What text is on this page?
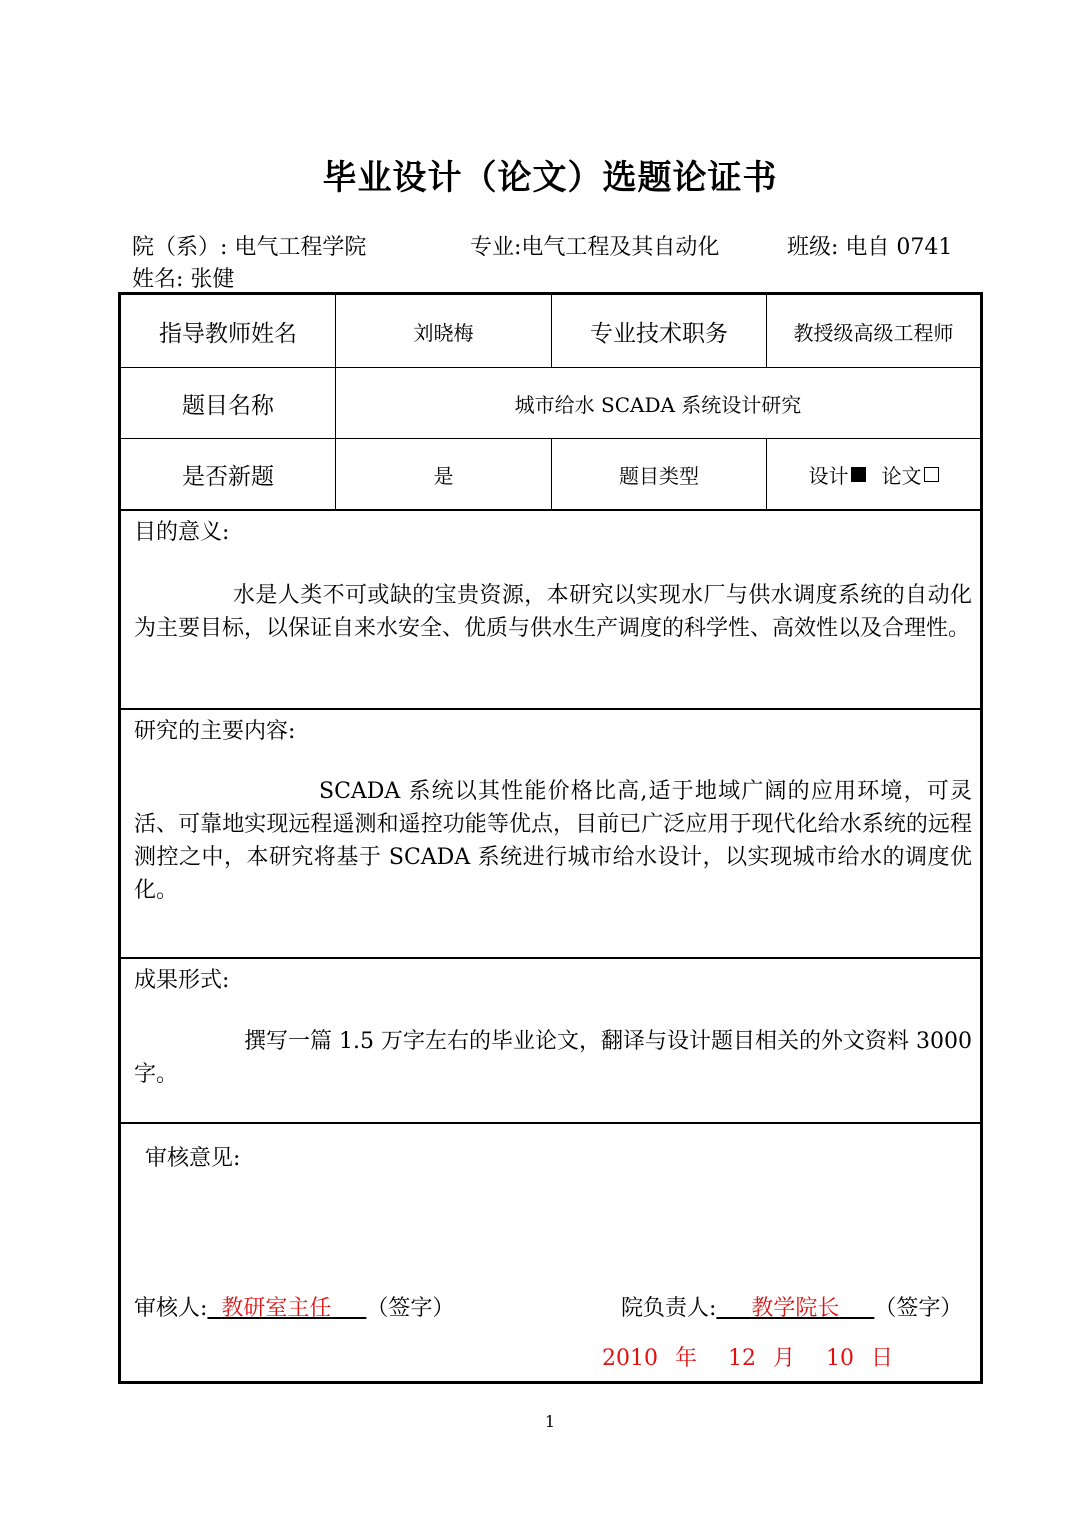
毕业设计（论文）选题论证书
院（系）: 电气工程学院	专业:电气工程及其自动化	班级: 电自 0741
姓名: 张健
指导教师姓名	刘晓梅	专业技术职务	教授级高级工程师
题目名称	城市给水 SCADA 系统设计研究
是否新题	是	题目类型	设计 论文
目的意义:
水是人类不可或缺的宝贵资源，本研究以实现水厂与供水调度系统的自动化为主要目标，以保证自来水安全、优质与供水生产调度的科学性、高效性以及合理性。
研究的主要内容:
SCADA 系统以其性能价格比高,适于地域广阔的应用环境，可灵活、可靠地实现远程遥测和遥控功能等优点，目前已广泛应用于现代化给水系统的远程测控之中，本研究将基于 SCADA 系统进行城市给水设计，以实现城市给水的调度优化。
成果形式:
撰写一篇 1.5 万字左右的毕业论文，翻译与设计题目相关的外文资料 3000 字。
审核意见:
审核人: 教研室主任 （签字）	院负责人: 教学院长 （签字）
2010 年 12 月 10 日
1
